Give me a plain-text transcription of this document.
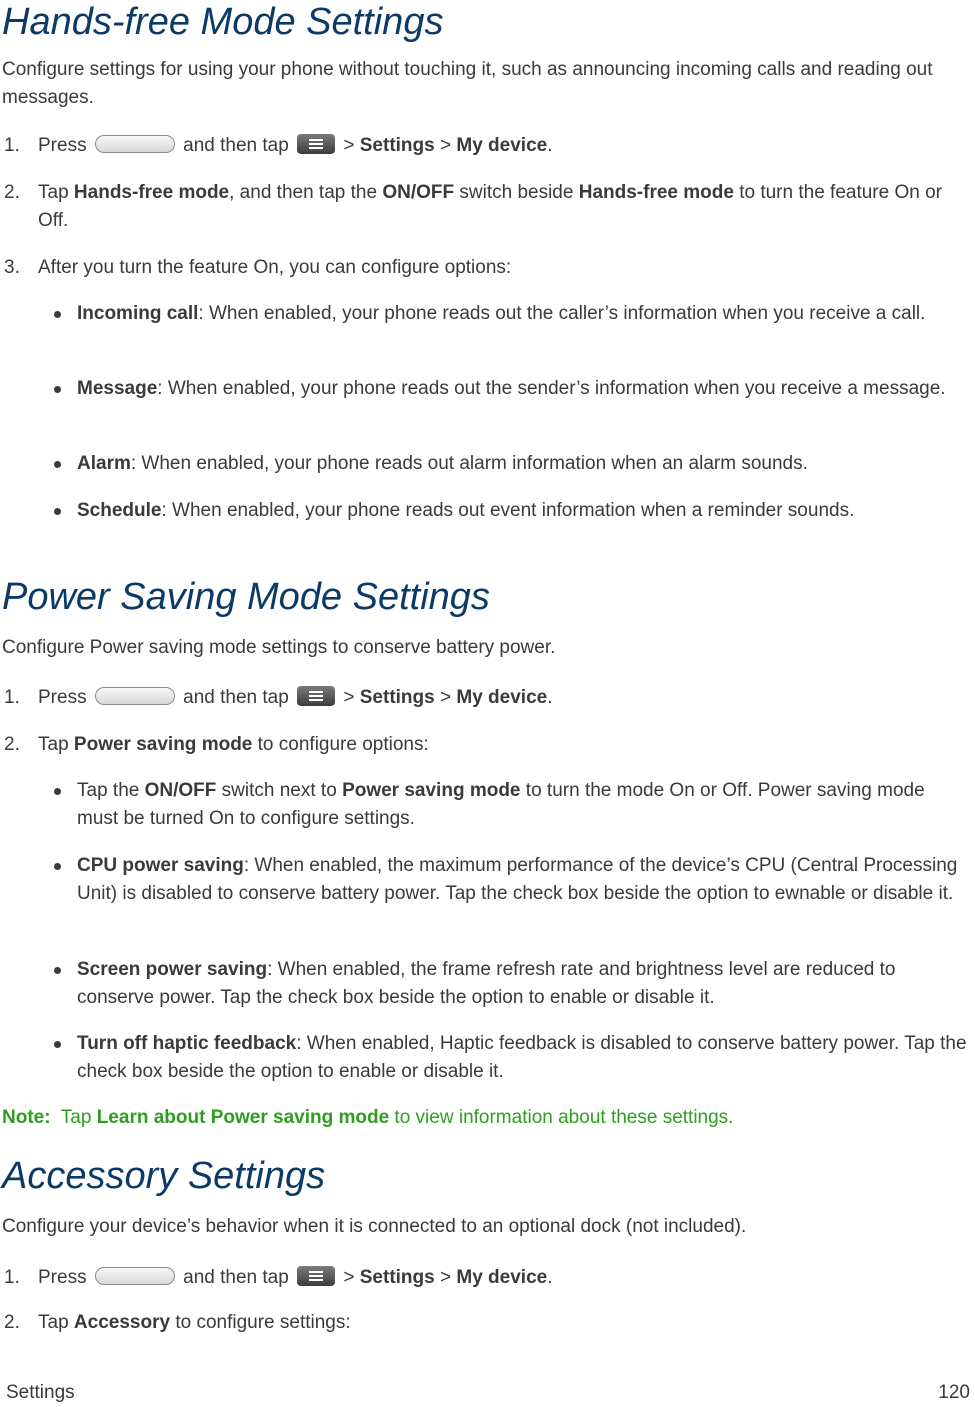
Hands-free Mode Settings
Configure settings for using your phone without touching it, such as announcing incoming calls and reading out messages.
1. Press	and then tap	> Settings > My device.
2. Tap Hands-free mode, and then tap the ON/OFF switch beside Hands-free mode to turn the feature On or Off.
3. After you turn the feature On, you can configure options:
Incoming call: When enabled, your phone reads out the caller’s information when you receive a call.
Message: When enabled, your phone reads out the sender’s information when you receive a message.
Alarm: When enabled, your phone reads out alarm information when an alarm sounds.
Schedule: When enabled, your phone reads out event information when a reminder sounds.
Power Saving Mode Settings
Configure Power saving mode settings to conserve battery power.
1. Press	and then tap	> Settings > My device.
2. Tap Power saving mode to configure options:
Tap the ON/OFF switch next to Power saving mode to turn the mode On or Off. Power saving mode must be turned On to configure settings.
CPU power saving: When enabled, the maximum performance of the device’s CPU (Central Processing Unit) is disabled to conserve battery power. Tap the check box beside the option to ewnable or disable it.
Screen power saving: When enabled, the frame refresh rate and brightness level are reduced to conserve power. Tap the check box beside the option to enable or disable it.
Turn off haptic feedback: When enabled, Haptic feedback is disabled to conserve battery power. Tap the check box beside the option to enable or disable it.
Note:  Tap Learn about Power saving mode to view information about these settings.
Accessory Settings
Configure your device’s behavior when it is connected to an optional dock (not included).
1. Press	and then tap	> Settings > My device.
2. Tap Accessory to configure settings:
Settings	120
